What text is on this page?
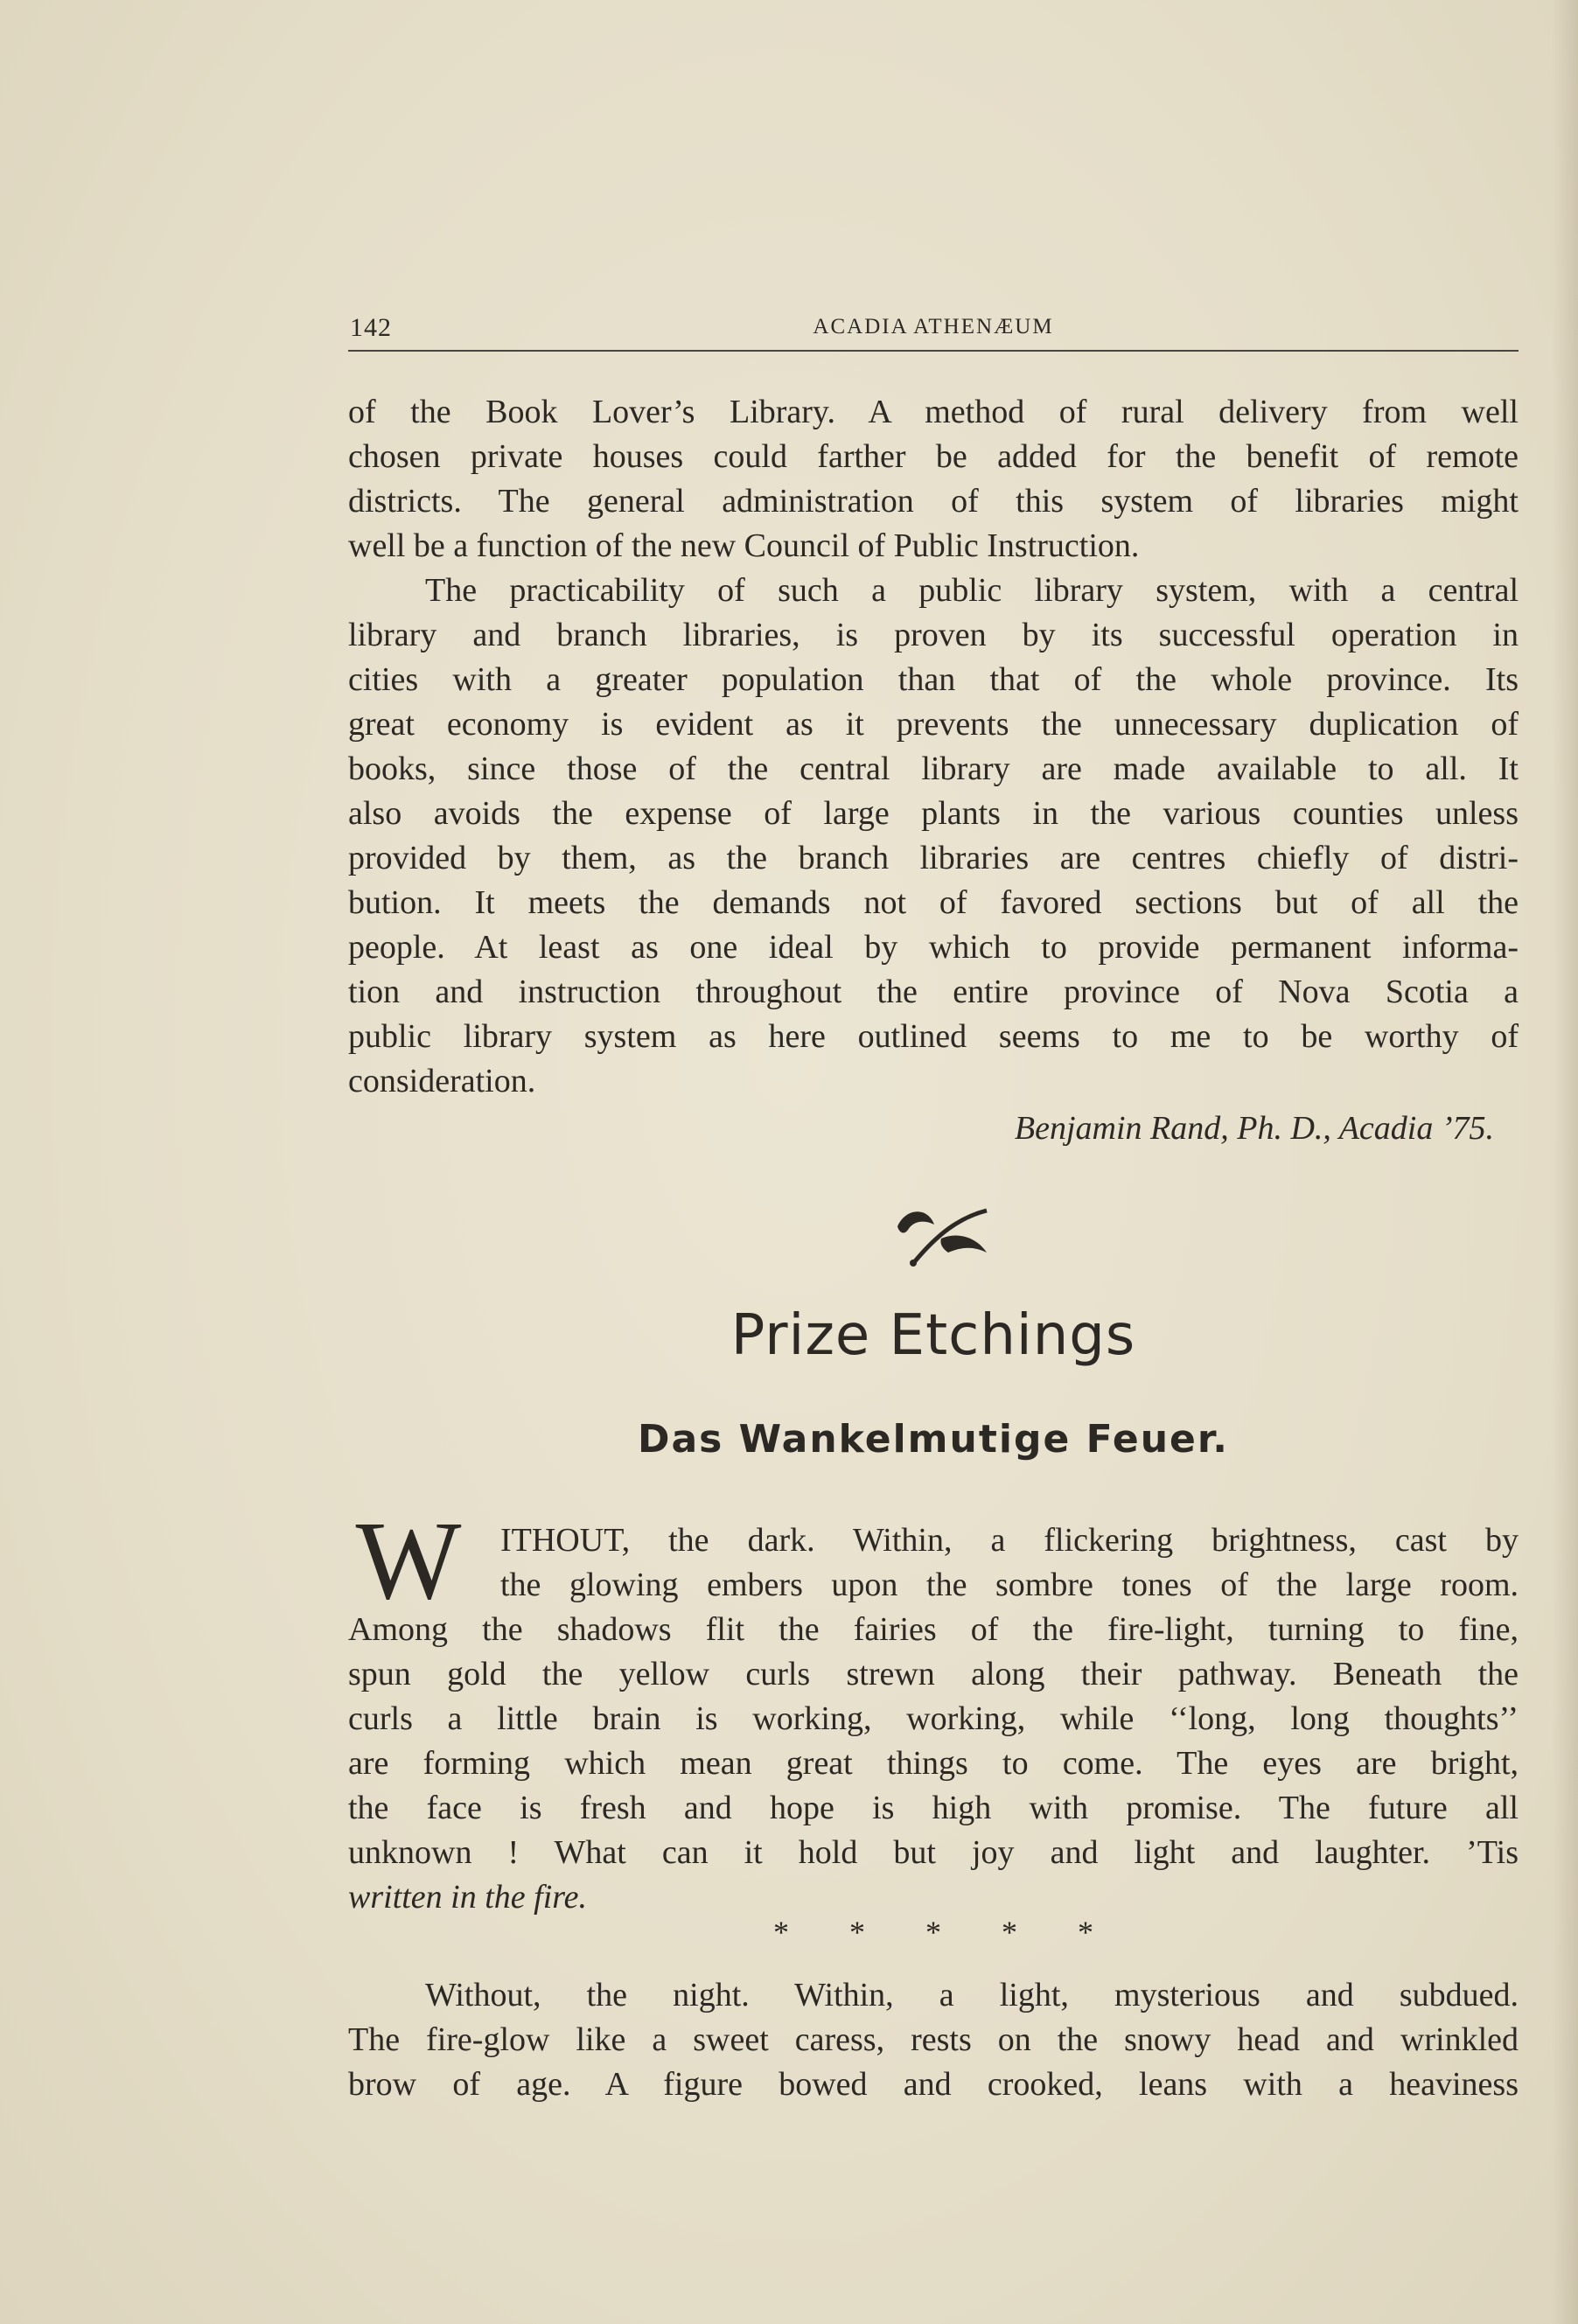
142	ACADIA ATHENÆUM
of the Book Lover’s Library. A method of rural delivery from well
chosen private houses could farther be added for the benefit of remote
districts. The general administration of this system of libraries might
well be a function of the new Council of Public Instruction.
The practicability of such a public library system, with a central
library and branch libraries, is proven by its successful operation in
cities with a greater population than that of the whole province. Its
great economy is evident as it prevents the unnecessary duplication of
books, since those of the central library are made available to all. It
also avoids the expense of large plants in the various counties unless
provided by them, as the branch libraries are centres chiefly of distri-
bution. It meets the demands not of favored sections but of all the
people. At least as one ideal by which to provide permanent informa-
tion and instruction throughout the entire province of Nova Scotia a
public library system as here outlined seems to me to be worthy of
consideration.
Benjamin Rand, Ph. D., Acadia ’75.
Prize Etchings
Das Wankelmutige Feuer.
W ITHOUT, the dark. Within, a flickering brightness, cast by
the glowing embers upon the sombre tones of the large room.
Among the shadows flit the fairies of the fire-light, turning to fine,
spun gold the yellow curls strewn along their pathway. Beneath the
curls a little brain is working, working, while ‘‘long, long thoughts’’
are forming which mean great things to come. The eyes are bright,
the face is fresh and hope is high with promise. The future all
unknown ! What can it hold but joy and light and laughter. ’Tis
written in the fire.
* * * * *
Without, the night. Within, a light, mysterious and subdued.
The fire-glow like a sweet caress, rests on the snowy head and wrinkled
brow of age. A figure bowed and crooked, leans with a heaviness
